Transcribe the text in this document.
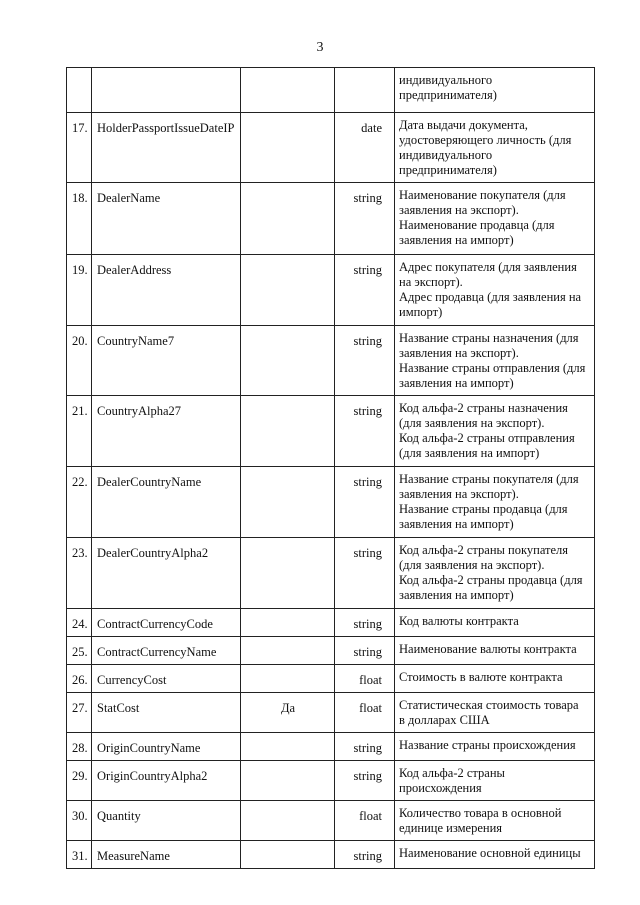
3

				индивидуального
предпринимателя)

17.	HolderPassportIssueDateIP		date	Дата выдачи документа,
удостоверяющего личность (для
индивидуального
предпринимателя)

18.	DealerName		string	Наименование покупателя (для
заявления на экспорт).
Наименование продавца (для
заявления на импорт)

19.	DealerAddress		string	Адрес покупателя (для заявления
на экспорт).
Адрес продавца (для заявления на
импорт)

20.	CountryName7		string	Название страны назначения (для
заявления на экспорт).
Название страны отправления (для
заявления на импорт)

21.	CountryAlpha27		string	Код альфа-2 страны назначения
(для заявления на экспорт).
Код альфа-2 страны отправления
(для заявления на импорт)

22.	DealerCountryName		string	Название страны покупателя (для
заявления на экспорт).
Название страны продавца (для
заявления на импорт)

23.	DealerCountryAlpha2		string	Код альфа-2 страны покупателя
(для заявления на экспорт).
Код альфа-2 страны продавца (для
заявления на импорт)

24.	ContractCurrencyCode		string	Код валюты контракта

25.	ContractCurrencyName		string	Наименование валюты контракта

26.	CurrencyCost		float	Стоимость в валюте контракта

27.	StatCost	Да	float	Статистическая стоимость товара
в долларах США

28.	OriginCountryName		string	Название страны происхождения

29.	OriginCountryAlpha2		string	Код альфа-2 страны
происхождения

30.	Quantity		float	Количество товара в основной
единице измерения

31.	MeasureName		string	Наименование основной единицы
